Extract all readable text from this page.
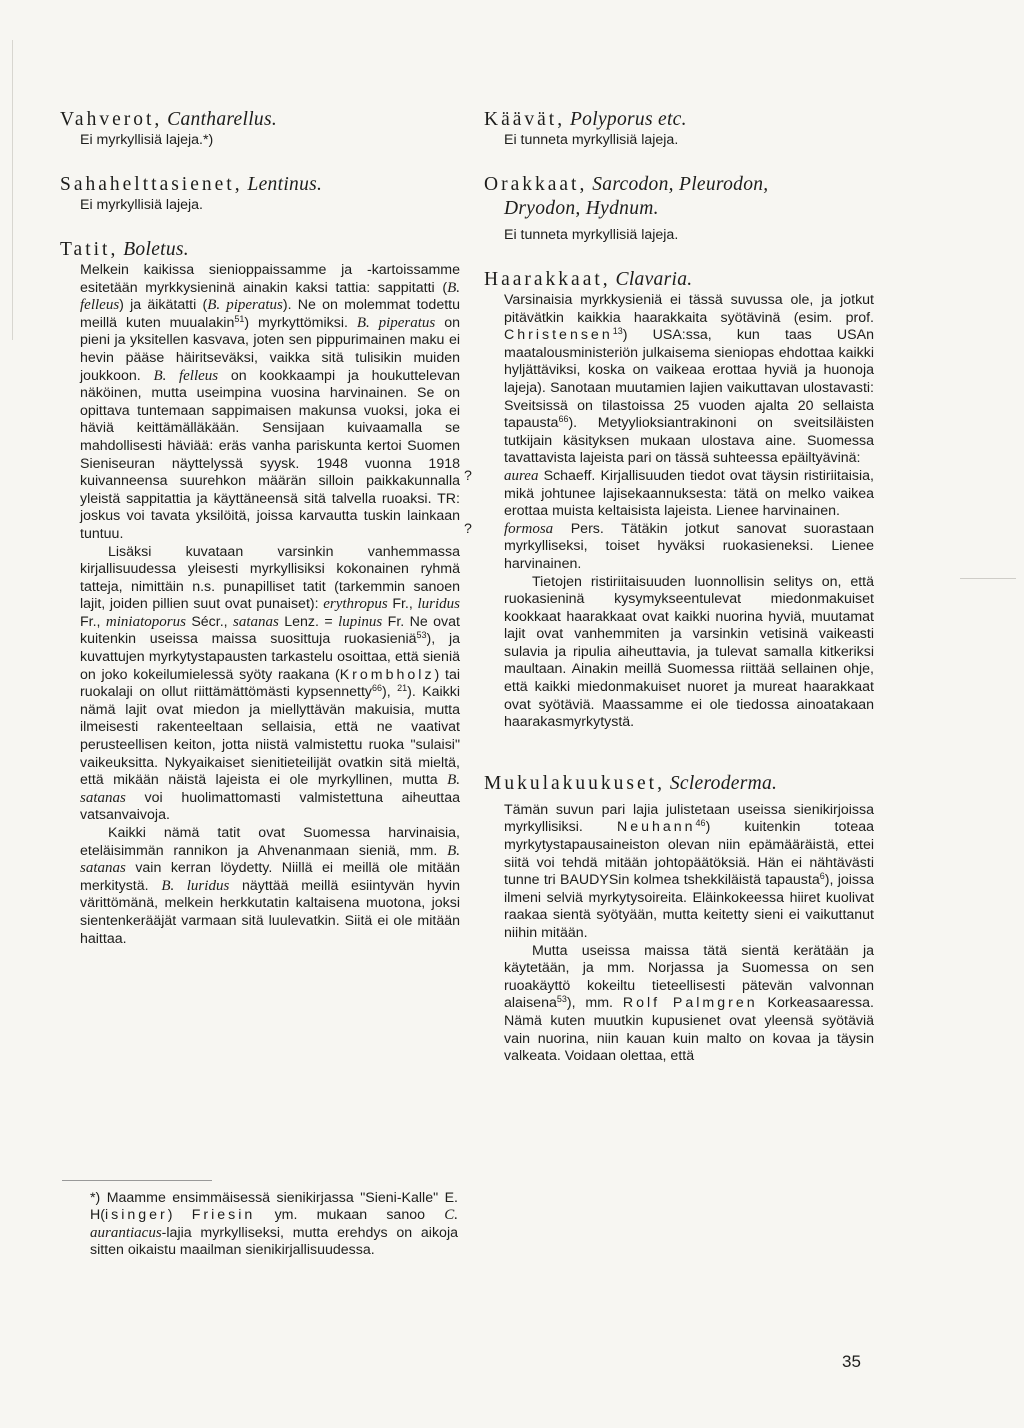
Vahverot, Cantharellus.

Ei myrkyllisiä lajeja.*)

Sahahelttasienet, Lentinus.

Ei myrkyllisiä lajeja.

Tatit, Boletus.

Melkein kaikissa sienioppaissamme ja -kartoissamme esitetään myrkkysieninä ainakin kaksi tattia: sappitatti (B. felleus) ja äikätatti (B. piperatus). Ne on molemmat todettu meillä kuten muualakin$^{51}$) myrkyttömiksi. B. piperatus on pieni ja yksitellen kasvava, joten sen pippurimainen maku ei hevin pääse häiritseväksi, vaikka sitä tulisikin muiden joukkoon. B. felleus on kookkaampi ja houkuttelevan näköinen, mutta useimpina vuosina harvinainen. Se on opittava tuntemaan sappimaisen makunsa vuoksi, joka ei häviä keittämälläkään. Sensijaan kuivaamalla se mahdollisesti häviää: eräs vanha pariskunta kertoi Suomen Sieniseuran näyttelyssä syysk. 1948 vuonna 1918 kuivanneensa suurehkon määrän silloin paikkakunnalla yleistä sappitattia ja käyttäneensä sitä talvella ruoaksi. TR: joskus voi tavata yksilöitä, joissa karvautta tuskin lainkaan tuntuu.

Lisäksi kuvataan varsinkin vanhemmassa kirjallisuudessa yleisesti myrkyllisiksi kokonainen ryhmä tatteja, nimittäin n.s. punapilliset tatit (tarkemmin sanoen lajit, joiden pillien suut ovat punaiset): erythropus Fr., luridus Fr., miniatoporus Sécr., satanas Lenz. = lupinus Fr. Ne ovat kuitenkin useissa maissa suosittuja ruokasieniä$^{53}$), ja kuvattujen myrkytystapausten tarkastelu osoittaa, että sieniä on joko kokeilumielessä syöty raakana (Krombholz) tai ruokalaji on ollut riittämättömästi kypsennetty$^{66}$), $^{21}$). Kaikki nämä lajit ovat miedon ja miellyttävän makuisia, mutta ilmeisesti rakenteeltaan sellaisia, että ne vaativat perusteellisen keiton, jotta niistä valmistettu ruoka "sulaisi" vaikeuksitta. Nykyaikaiset sienitieteilijät ovatkin sitä mieltä, että mikään näistä lajeista ei ole myrkyllinen, mutta B. satanas voi huolimattomasti valmistettuna aiheuttaa vatsanvaivoja.

Kaikki nämä tatit ovat Suomessa harvinaisia, eteläisimmän rannikon ja Ahvenanmaan sieniä, mm. B. satanas vain kerran löydetty. Niillä ei meillä ole mitään merkitystä. B. luridus näyttää meillä esiintyvän hyvin värittömänä, melkein herkkutatin kaltaisena muotona, joksi sientenkerääjät varmaan sitä luulevatkin. Siitä ei ole mitään haittaa.

*) Maamme ensimmäisessä sienikirjassa "Sieni-Kalle" E. H(isinger) Friesin ym. mukaan sanoo C. aurantiacus-lajia myrkylliseksi, mutta erehdys on aikoja sitten oikaistu maailman sienikirjallisuudessa.

Käävät, Polyporus etc.

Ei tunneta myrkyllisiä lajeja.

Orakkaat, Sarcodon, Pleurodon,
Dryodon, Hydnum.

Ei tunneta myrkyllisiä lajeja.

Haarakkaat, Clavaria.

Varsinaisia myrkkysieniä ei tässä suvussa ole, ja jotkut pitävätkin kaikkia haarakkaita syötävinä (esim. prof. Christensen$^{13}$) USA:ssa, kun taas USAn maatalousministeriön julkaisema sieniopas ehdottaa kaikki hyljättäviksi, koska on vaikeaa erottaa hyviä ja huonoja lajeja). Sanotaan muutamien lajien vaikuttavan ulostavasti: Sveitsissä on tilastoissa 25 vuoden ajalta 20 sellaista tapausta$^{66}$). Metyylioksiantrakinoni on sveitsiläisten tutkijain käsityksen mukaan ulostava aine. Suomessa tavattavista lajeista pari on tässä suhteessa epäiltyävinä:

? aurea Schaeff. Kirjallisuuden tiedot ovat täysin ristiriitaisia, mikä johtunee lajisekaannuksesta: tätä on melko vaikea erottaa muista keltaisista lajeista. Lienee harvinainen.

? formosa Pers. Tätäkin jotkut sanovat suorastaan myrkylliseksi, toiset hyväksi ruokasieneksi. Lienee harvinainen.

Tietojen ristiriitaisuuden luonnollisin selitys on, että ruokasieninä kysymykseentulevat miedonmakuiset kookkaat haarakkaat ovat kaikki nuorina hyviä, muutamat lajit ovat vanhemmiten ja varsinkin vetisinä vaikeasti sulavia ja ripulia aiheuttavia, ja tulevat samalla kitkeriksi maultaan. Ainakin meillä Suomessa riittää sellainen ohje, että kaikki miedonmakuiset nuoret ja mureat haarakkaat ovat syötäviä. Maassamme ei ole tiedossa ainoatakaan haarakasmyrkytystä.

Mukulakuukuset, Scleroderma.

Tämän suvun pari lajia julistetaan useissa sienikirjoissa myrkyllisiksi. Neuhann$^{46}$) kuitenkin toteaa myrkytystapausaineiston olevan niin epämääräistä, ettei siitä voi tehdä mitään johtopäätöksiä. Hän ei nähtävästi tunne tri BAUDYSin kolmea tshekkiläistä tapausta$^6$), joissa ilmeni selviä myrkytysoireita. Eläinkokeessa hiiret kuolivat raakaa sientä syötyään, mutta keitetty sieni ei vaikuttanut niihin mitään.

Mutta useissa maissa tätä sientä kerätään ja käytetään, ja mm. Norjassa ja Suomessa on sen ruoakäyttö kokeiltu tieteellisesti pätevän valvonnan alaisena$^{53}$), mm. Rolf Palmgren Korkeasaaressa. Nämä kuten muutkin kupusienet ovat yleensä syötäviä vain nuorina, niin kauan kuin malto on kovaa ja täysin valkeata. Voidaan olettaa, että

35
